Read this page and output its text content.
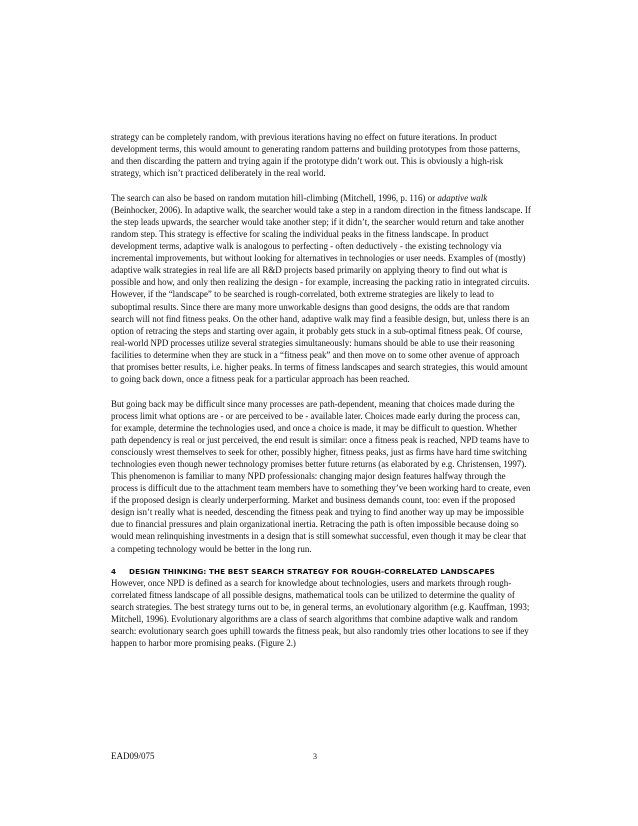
strategy can be completely random, with previous iterations having no effect on future iterations. In product development terms, this would amount to generating random patterns and building prototypes from those patterns, and then discarding the pattern and trying again if the prototype didn’t work out. This is obviously a high-risk strategy, which isn’t practiced deliberately in the real world.

The search can also be based on random mutation hill-climbing (Mitchell, 1996, p. 116) or adaptive walk (Beinhocker, 2006). In adaptive walk, the searcher would take a step in a random direction in the fitness landscape. If the step leads upwards, the searcher would take another step; if it didn’t, the searcher would return and take another random step. This strategy is effective for scaling the individual peaks in the fitness landscape. In product development terms, adaptive walk is analogous to perfecting - often deductively - the existing technology via incremental improvements, but without looking for alternatives in technologies or user needs. Examples of (mostly) adaptive walk strategies in real life are all R&D projects based primarily on applying theory to find out what is possible and how, and only then realizing the design - for example, increasing the packing ratio in integrated circuits. However, if the “landscape” to be searched is rough-correlated, both extreme strategies are likely to lead to suboptimal results. Since there are many more unworkable designs than good designs, the odds are that random search will not find fitness peaks. On the other hand, adaptive walk may find a feasible design, but, unless there is an option of retracing the steps and starting over again, it probably gets stuck in a sub-optimal fitness peak. Of course, real-world NPD processes utilize several strategies simultaneously: humans should be able to use their reasoning facilities to determine when they are stuck in a “fitness peak” and then move on to some other avenue of approach that promises better results, i.e. higher peaks. In terms of fitness landscapes and search strategies, this would amount to going back down, once a fitness peak for a particular approach has been reached.

But going back may be difficult since many processes are path-dependent, meaning that choices made during the process limit what options are - or are perceived to be - available later. Choices made early during the process can, for example, determine the technologies used, and once a choice is made, it may be difficult to question. Whether path dependency is real or just perceived, the end result is similar: once a fitness peak is reached, NPD teams have to consciously wrest themselves to seek for other, possibly higher, fitness peaks, just as firms have hard time switching technologies even though newer technology promises better future returns (as elaborated by e.g. Christensen, 1997). This phenomenon is familiar to many NPD professionals: changing major design features halfway through the process is difficult due to the attachment team members have to something they’ve been working hard to create, even if the proposed design is clearly underperforming. Market and business demands count, too: even if the proposed design isn’t really what is needed, descending the fitness peak and trying to find another way up may be impossible due to financial pressures and plain organizational inertia. Retracing the path is often impossible because doing so would mean relinquishing investments in a design that is still somewhat successful, even though it may be clear that a competing technology would be better in the long run.

4 DESIGN THINKING: THE BEST SEARCH STRATEGY FOR ROUGH-CORRELATED LANDSCAPES

However, once NPD is defined as a search for knowledge about technologies, users and markets through rough-correlated fitness landscape of all possible designs, mathematical tools can be utilized to determine the quality of search strategies. The best strategy turns out to be, in general terms, an evolutionary algorithm (e.g. Kauffman, 1993; Mitchell, 1996). Evolutionary algorithms are a class of search algorithms that combine adaptive walk and random search: evolutionary search goes uphill towards the fitness peak, but also randomly tries other locations to see if they happen to harbor more promising peaks. (Figure 2.)

EAD09/075	3
